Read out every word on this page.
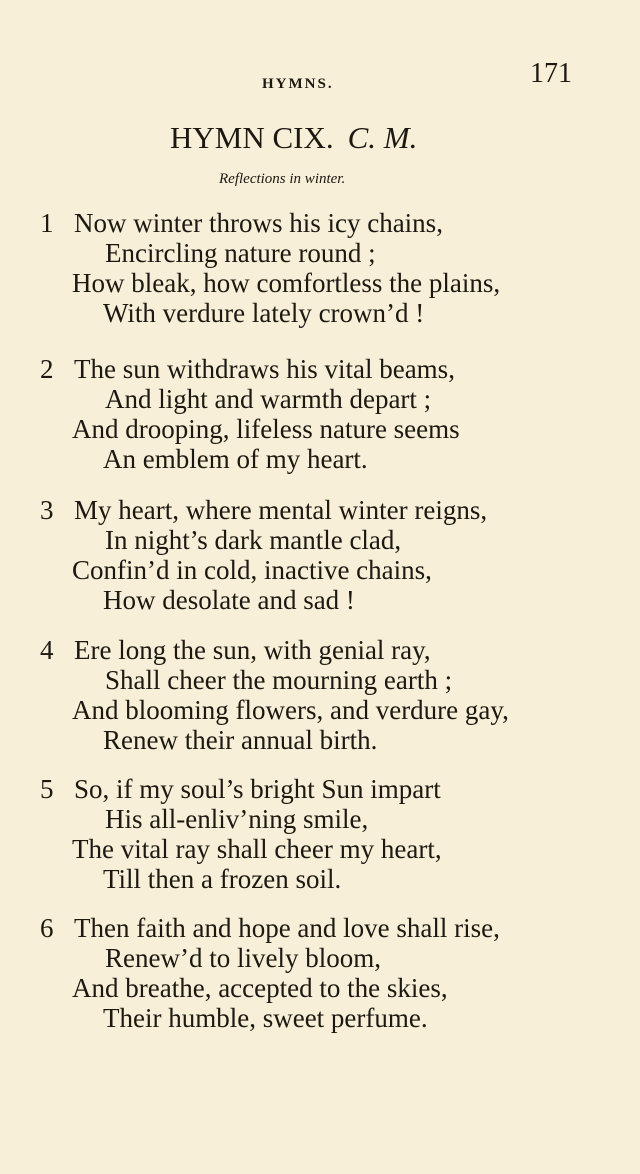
HYMNS.	171
HYMN CIX. C. M.
Reflections in winter.
1 Now winter throws his icy chains,
Encircling nature round ;
How bleak, how comfortless the plains,
With verdure lately crown’d !
2 The sun withdraws his vital beams,
And light and warmth depart ;
And drooping, lifeless nature seems
An emblem of my heart.
3 My heart, where mental winter reigns,
In night’s dark mantle clad,
Confin’d in cold, inactive chains,
How desolate and sad !
4 Ere long the sun, with genial ray,
Shall cheer the mourning earth ;
And blooming flowers, and verdure gay,
Renew their annual birth.
5 So, if my soul’s bright Sun impart
His all-enliv’ning smile,
The vital ray shall cheer my heart,
Till then a frozen soil.
6 Then faith and hope and love shall rise,
Renew’d to lively bloom,
And breathe, accepted to the skies,
Their humble, sweet perfume.
